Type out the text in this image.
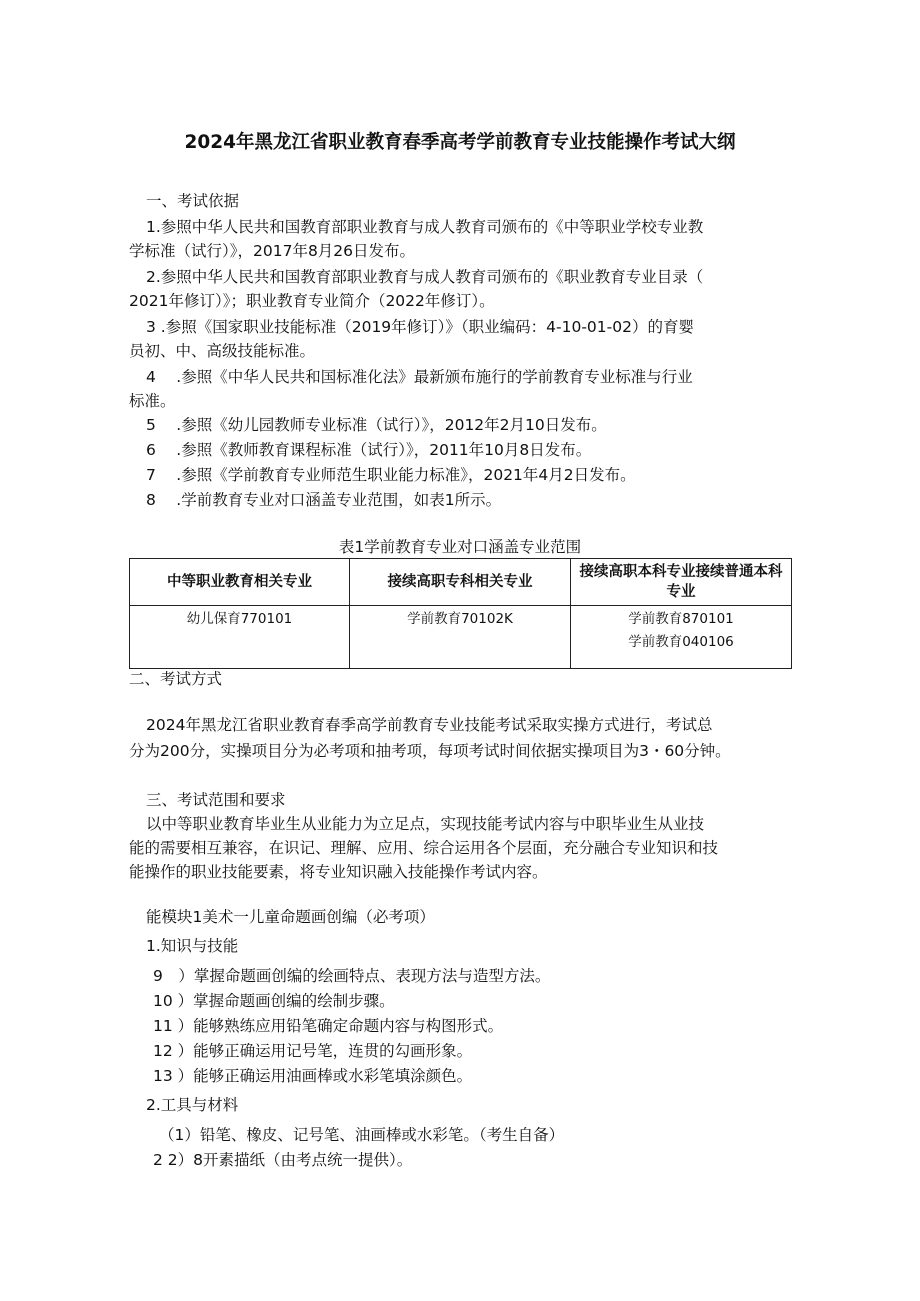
2024年黑龙江省职业教育春季高考学前教育专业技能操作考试大纲
一、考试依据
1.参照中华人民共和国教育部职业教育与成人教育司颁布的《中等职业学校专业教
学标准（试行）》，2017年8月26日发布。
2.参照中华人民共和国教育部职业教育与成人教育司颁布的《职业教育专业目录（
2021年修订）》；职业教育专业简介（2022年修订）。
3 .参照《国家职业技能标准（2019年修订）》（职业编码：4-10-01-02）的育婴
员初、中、高级技能标准。
4　 .参照《中华人民共和国标准化法》最新颁布施行的学前教育专业标准与行业
标准。
5　 .参照《幼儿园教师专业标准（试行）》，2012年2月10日发布。
6　 .参照《教师教育课程标准（试行）》，2011年10月8日发布。
7　 .参照《学前教育专业师范生职业能力标准》，2021年4月2日发布。
8　 .学前教育专业对口涵盖专业范围，如表1所示。
表1学前教育专业对口涵盖专业范围
中等职业教育相关专业	接续高职专科相关专业	接续高职本科专业接续普通本科专业

幼儿保育770101	学前教育70102K	学前教育870101
学前教育040106
二、考试方式
2024年黑龙江省职业教育春季高学前教育专业技能考试采取实操方式进行，考试总
分为200分，实操项目分为必考项和抽考项，每项考试时间依据实操项目为3・60分钟。
三、考试范围和要求
以中等职业教育毕业生从业能力为立足点，实现技能考试内容与中职毕业生从业技
能的需要相互兼容，在识记、理解、应用、综合运用各个层面，充分融合专业知识和技
能操作的职业技能要素，将专业知识融入技能操作考试内容。
能模块1美术一儿童命题画创编（必考项）
1.知识与技能
9　）掌握命题画创编的绘画特点、表现方法与造型方法。
10 ）掌握命题画创编的绘制步骤。
11 ）能够熟练应用铅笔确定命题内容与构图形式。
12 ）能够正确运用记号笔，连贯的勾画形象。
13 ）能够正确运用油画棒或水彩笔填涂颜色。
2.工具与材料
（1）铅笔、橡皮、记号笔、油画棒或水彩笔。（考生自备）
2 2）8开素描纸（由考点统一提供）。
